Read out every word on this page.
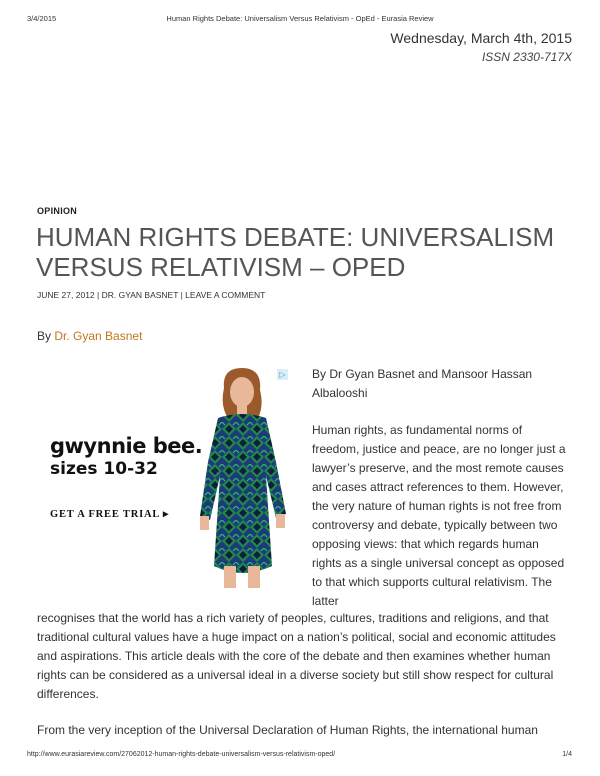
3/4/2015	Human Rights Debate: Universalism Versus Relativism - OpEd - Eurasia Review
Wednesday, March 4th, 2015
ISSN 2330-717X
OPINION
HUMAN RIGHTS DEBATE: UNIVERSALISM VERSUS RELATIVISM – OPED
JUNE 27, 2012 | DR. GYAN BASNET | LEAVE A COMMENT
By Dr. Gyan Basnet
gwynnie bee.
sizes 10-32
GET A FREE TRIAL ▸
▷ By Dr Gyan Basnet and Mansoor Hassan Albalooshi

Human rights, as fundamental norms of freedom, justice and peace, are no longer just a lawyer’s preserve, and the most remote causes and cases attract references to them. However, the very nature of human rights is not free from controversy and debate, typically between two opposing views: that which regards human rights as a single universal concept as opposed to that which supports cultural relativism. The latter

recognises that the world has a rich variety of peoples, cultures, traditions and religions, and that traditional cultural values have a huge impact on a nation’s political, social and economic attitudes and aspirations. This article deals with the core of the debate and then examines whether human rights can be considered as a universal ideal in a diverse society but still show respect for cultural differences.

From the very inception of the Universal Declaration of Human Rights, the international human

http://www.eurasiareview.com/27062012-human-rights-debate-universalism-versus-relativism-oped/	1/4
